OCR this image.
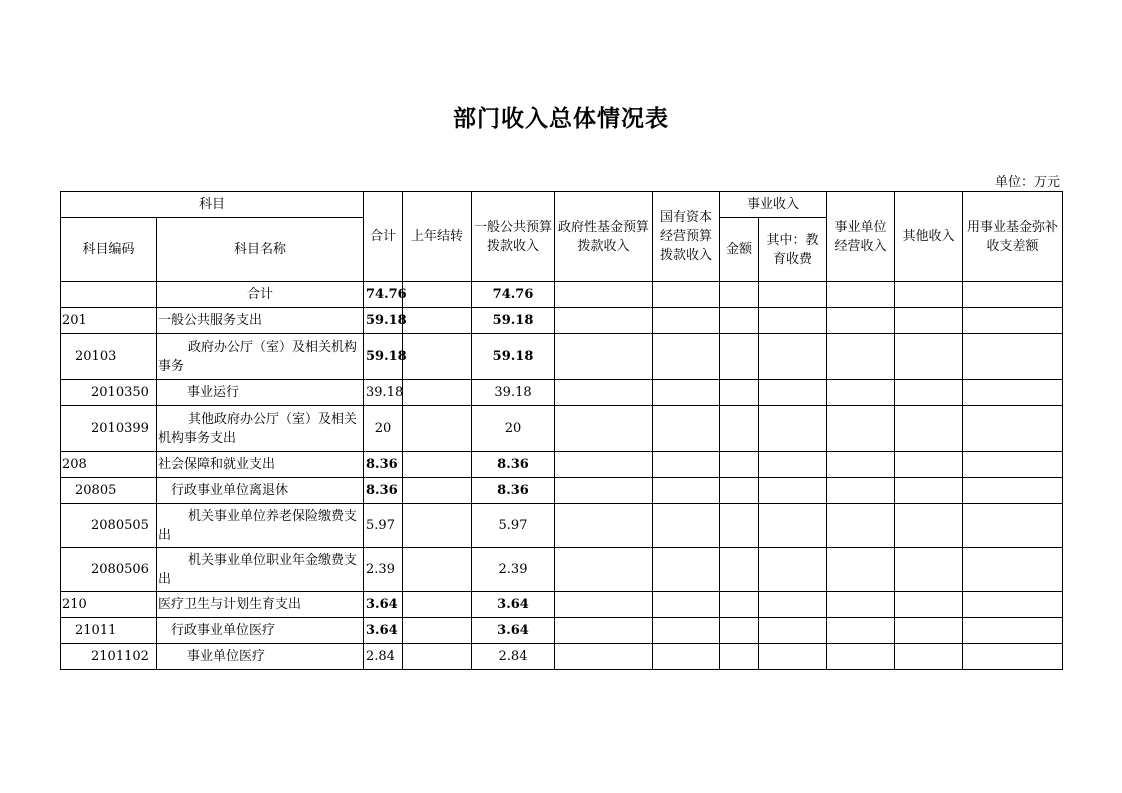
部门收入总体情况表
单位：万元
科目		合计	上年结转	一般公共预算拨款收入	政府性基金预算拨款收入	国有资本经营预算拨款收入	事业收入		事业单位经营收入	其他收入	用事业基金弥补收支差额
科目编码	科目名称						金额	其中：教育收费			

	合计	74.76		74.76							
201	一般公共服务支出	59.18		59.18							
20103	政府办公厅（室）及相关机构事务	59.18		59.18							
2010350	事业运行	39.18		39.18							
2010399	其他政府办公厅（室）及相关机构事务支出	20		20							
208	社会保障和就业支出	8.36		8.36							
20805	行政事业单位离退休	8.36		8.36							
2080505	机关事业单位养老保险缴费支出	5.97		5.97							
2080506	机关事业单位职业年金缴费支出	2.39		2.39							
210	医疗卫生与计划生育支出	3.64		3.64							
21011	行政事业单位医疗	3.64		3.64							
2101102	事业单位医疗	2.84		2.84							
